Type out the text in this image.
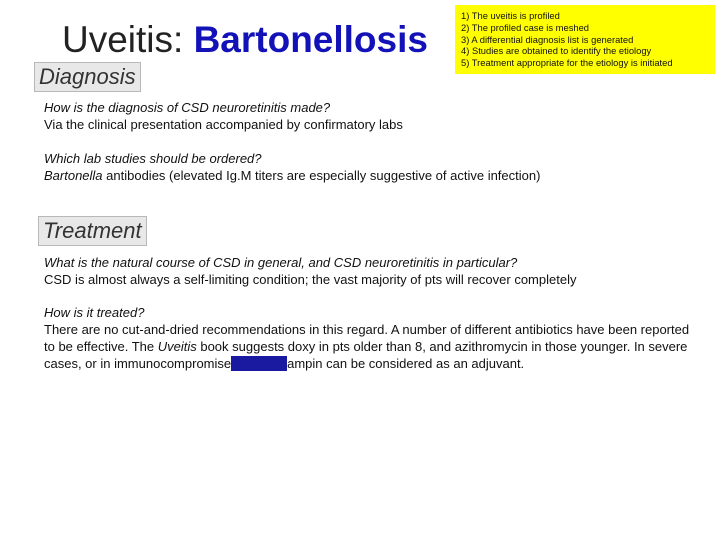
Uveitis: Bartonellosis
1) The uveitis is profiled
2) The profiled case is meshed
3) A differential diagnosis list is generated
4) Studies are obtained to identify the etiology
5) Treatment appropriate for the etiology is initiated
Diagnosis
How is the diagnosis of CSD neuroretinitis made?
Via the clinical presentation accompanied by confirmatory labs
Which lab studies should be ordered?
Bartonella antibodies (elevated Ig.M titers are especially suggestive of active infection)
Treatment
What is the natural course of CSD in general, and CSD neuroretinitis in particular?
CSD is almost always a self-limiting condition; the vast majority of pts will recover completely
How is it treated?
There are no cut-and-dried recommendations in this regard. A number of different antibiotics have been reported to be effective. The Uveitis book suggests doxy in pts older than 8, and azithromycin in those younger. In severe cases, or in immunocompromise	ampin can be considered as an adjuvant.
